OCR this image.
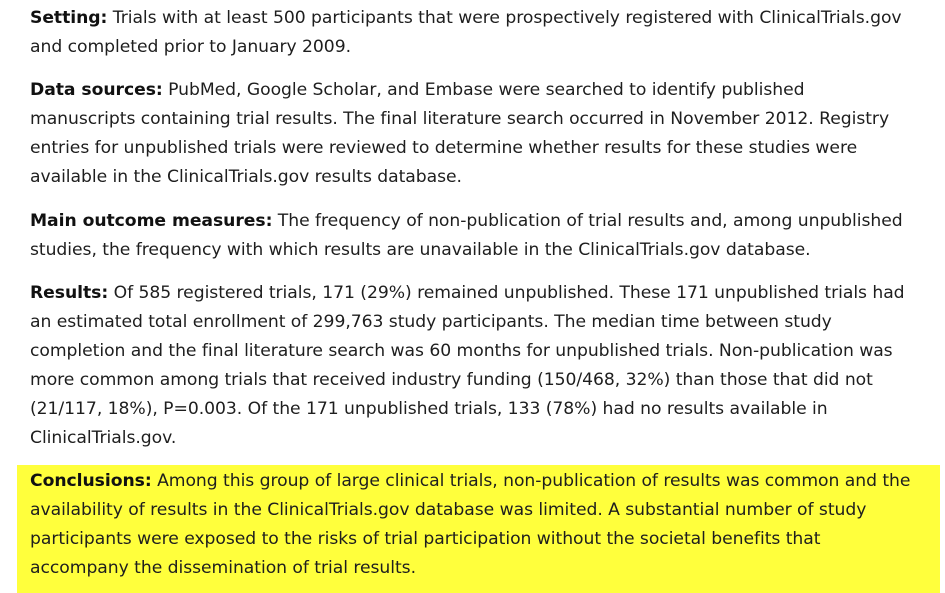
Setting: Trials with at least 500 participants that were prospectively registered with ClinicalTrials.gov and completed prior to January 2009.

Data sources: PubMed, Google Scholar, and Embase were searched to identify published manuscripts containing trial results. The final literature search occurred in November 2012. Registry entries for unpublished trials were reviewed to determine whether results for these studies were available in the ClinicalTrials.gov results database.

Main outcome measures: The frequency of non-publication of trial results and, among unpublished studies, the frequency with which results are unavailable in the ClinicalTrials.gov database.

Results: Of 585 registered trials, 171 (29%) remained unpublished. These 171 unpublished trials had an estimated total enrollment of 299,763 study participants. The median time between study completion and the final literature search was 60 months for unpublished trials. Non-publication was more common among trials that received industry funding (150/468, 32%) than those that did not (21/117, 18%), P=0.003. Of the 171 unpublished trials, 133 (78%) had no results available in ClinicalTrials.gov.

Conclusions: Among this group of large clinical trials, non-publication of results was common and the availability of results in the ClinicalTrials.gov database was limited. A substantial number of study participants were exposed to the risks of trial participation without the societal benefits that accompany the dissemination of trial results.
